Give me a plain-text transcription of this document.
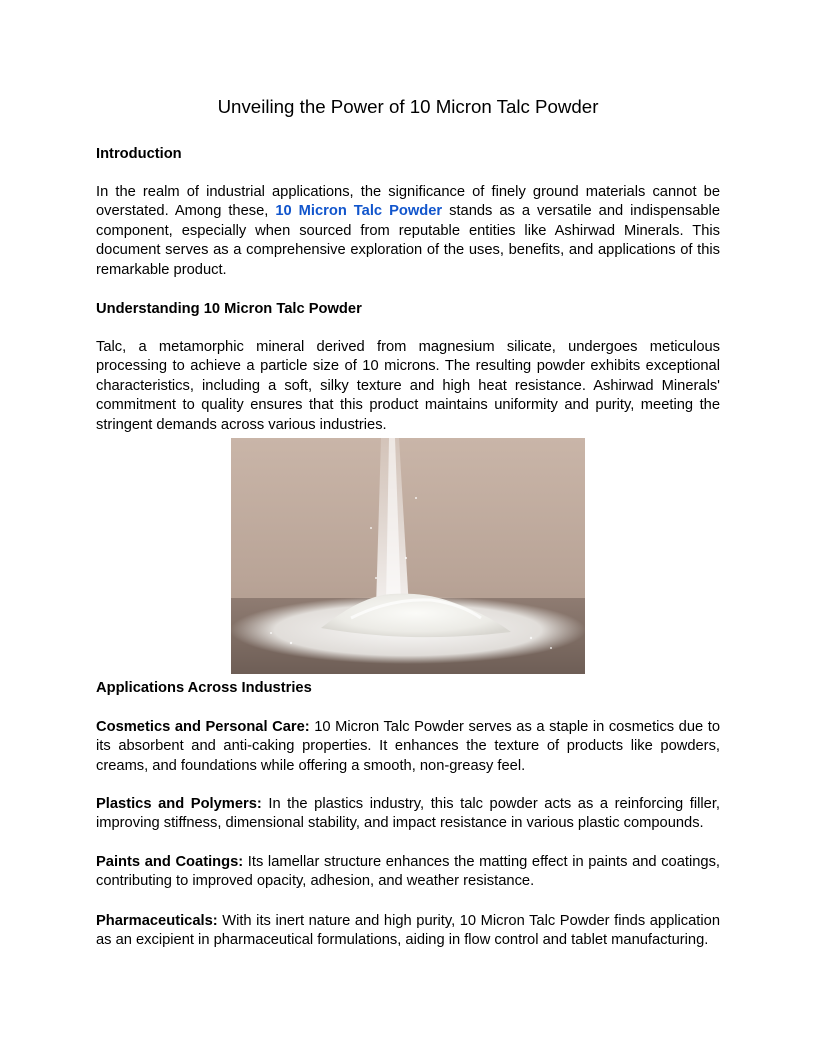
Unveiling the Power of 10 Micron Talc Powder
Introduction

In the realm of industrial applications, the significance of finely ground materials cannot be overstated. Among these, 10 Micron Talc Powder stands as a versatile and indispensable component, especially when sourced from reputable entities like Ashirwad Minerals. This document serves as a comprehensive exploration of the uses, benefits, and applications of this remarkable product.

Understanding 10 Micron Talc Powder

Talc, a metamorphic mineral derived from magnesium silicate, undergoes meticulous processing to achieve a particle size of 10 microns. The resulting powder exhibits exceptional characteristics, including a soft, silky texture and high heat resistance. Ashirwad Minerals' commitment to quality ensures that this product maintains uniformity and purity, meeting the stringent demands across various industries.

Applications Across Industries

Cosmetics and Personal Care: 10 Micron Talc Powder serves as a staple in cosmetics due to its absorbent and anti-caking properties. It enhances the texture of products like powders, creams, and foundations while offering a smooth, non-greasy feel.

Plastics and Polymers: In the plastics industry, this talc powder acts as a reinforcing filler, improving stiffness, dimensional stability, and impact resistance in various plastic compounds.

Paints and Coatings: Its lamellar structure enhances the matting effect in paints and coatings, contributing to improved opacity, adhesion, and weather resistance.

Pharmaceuticals: With its inert nature and high purity, 10 Micron Talc Powder finds application as an excipient in pharmaceutical formulations, aiding in flow control and tablet manufacturing.
